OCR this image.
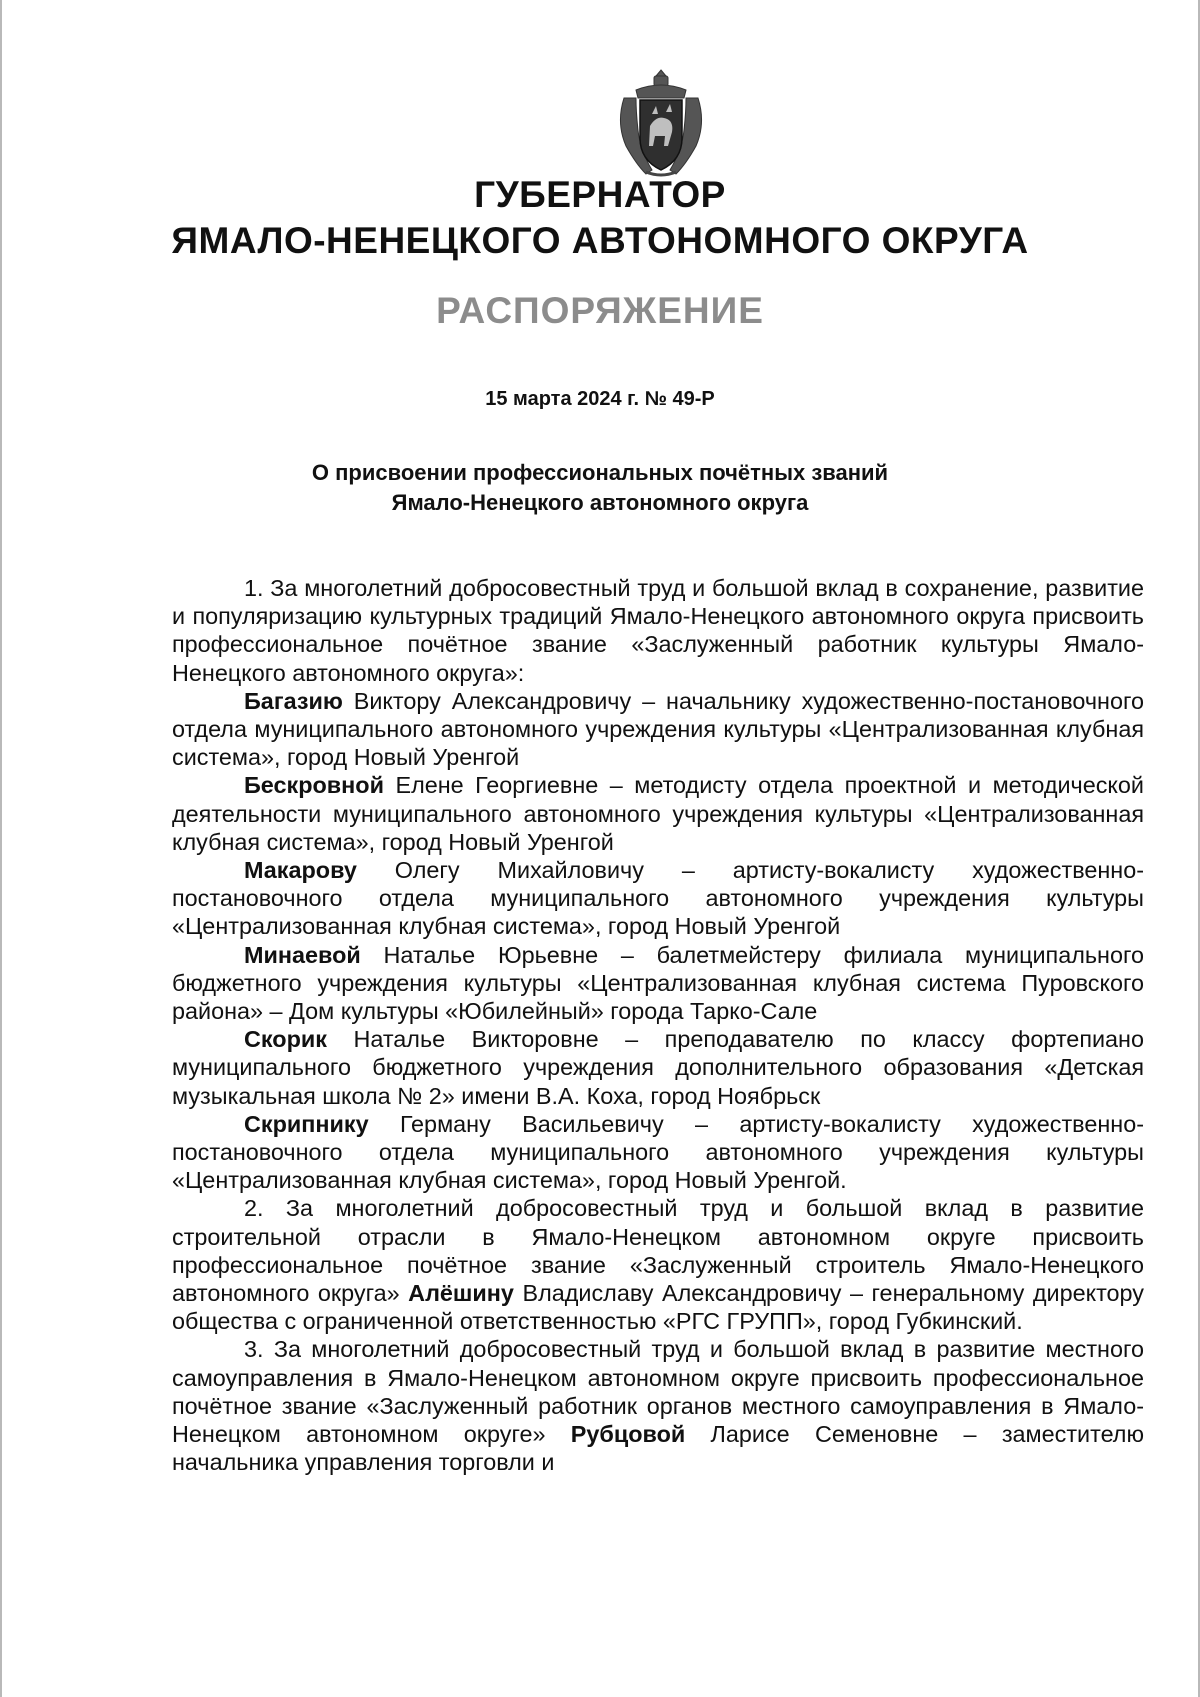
ГУБЕРНАТОР
ЯМАЛО-НЕНЕЦКОГО АВТОНОМНОГО ОКРУГА
РАСПОРЯЖЕНИЕ
15 марта 2024 г. № 49-Р
О присвоении профессиональных почётных званий
Ямало-Ненецкого автономного округа

1. За многолетний добросовестный труд и большой вклад в сохранение, развитие и популяризацию культурных традиций Ямало-Ненецкого автономного округа присвоить профессиональное почётное звание «Заслуженный работник культуры Ямало-Ненецкого автономного округа»:

Багазию Виктору Александровичу – начальнику художественно-постановочного отдела муниципального автономного учреждения культуры «Централизованная клубная система», город Новый Уренгой

Бескровной Елене Георгиевне – методисту отдела проектной и методической деятельности муниципального автономного учреждения культуры «Централизованная клубная система», город Новый Уренгой

Макарову Олегу Михайловичу – артисту-вокалисту художественно-постановочного отдела муниципального автономного учреждения культуры «Централизованная клубная система», город Новый Уренгой

Минаевой Наталье Юрьевне – балетмейстеру филиала муниципального бюджетного учреждения культуры «Централизованная клубная система Пуровского района» – Дом культуры «Юбилейный» города Тарко-Сале

Скорик Наталье Викторовне – преподавателю по классу фортепиано муниципального бюджетного учреждения дополнительного образования «Детская музыкальная школа № 2» имени В.А. Коха, город Ноябрьск

Скрипнику Герману Васильевичу – артисту-вокалисту художественно-постановочного отдела муниципального автономного учреждения культуры «Централизованная клубная система», город Новый Уренгой.

2. За многолетний добросовестный труд и большой вклад в развитие строительной отрасли в Ямало-Ненецком автономном округе присвоить профессиональное почётное звание «Заслуженный строитель Ямало-Ненецкого автономного округа» Алёшину Владиславу Александровичу – генеральному директору общества с ограниченной ответственностью «РГС ГРУПП», город Губкинский.

3. За многолетний добросовестный труд и большой вклад в развитие местного самоуправления в Ямало-Ненецком автономном округе присвоить профессиональное почётное звание «Заслуженный работник органов местного самоуправления в Ямало-Ненецком автономном округе» Рубцовой Ларисе Семеновне – заместителю начальника управления торговли и
